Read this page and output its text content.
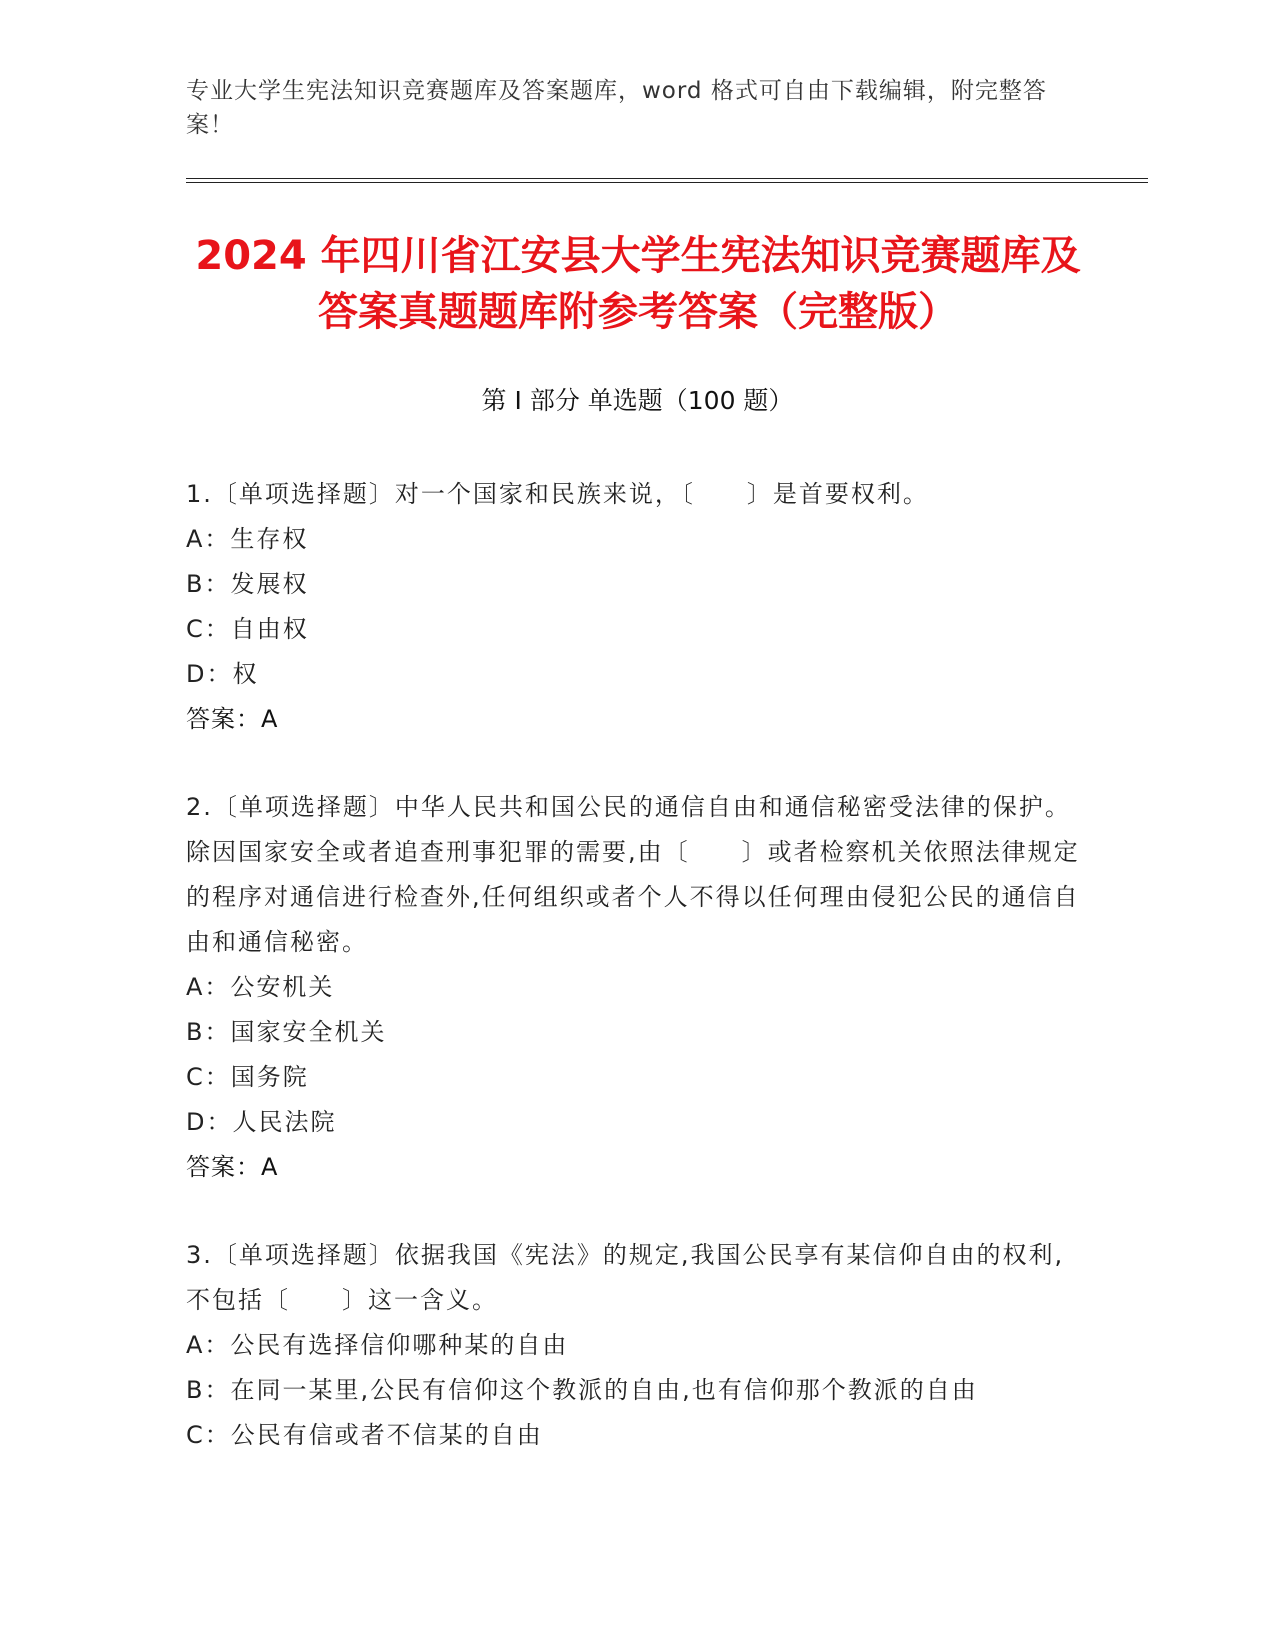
专业大学生宪法知识竞赛题库及答案题库，word 格式可自由下载编辑，附完整答案！
2024 年四川省江安县大学生宪法知识竞赛题库及答案真题题库附参考答案（完整版）
第 I 部分 单选题（100 题）
1.〔单项选择题〕对一个国家和民族来说，〔　　〕是首要权利。
A：生存权
B：发展权
C：自由权
D：权
答案：A
2.〔单项选择题〕中华人民共和国公民的通信自由和通信秘密受法律的保护。除因国家安全或者追查刑事犯罪的需要,由〔　　〕或者检察机关依照法律规定的程序对通信进行检查外,任何组织或者个人不得以任何理由侵犯公民的通信自由和通信秘密。
A：公安机关
B：国家安全机关
C：国务院
D：人民法院
答案：A
3.〔单项选择题〕依据我国《宪法》的规定,我国公民享有某信仰自由的权利,不包括〔　　〕这一含义。
A：公民有选择信仰哪种某的自由
B：在同一某里,公民有信仰这个教派的自由,也有信仰那个教派的自由
C：公民有信或者不信某的自由
